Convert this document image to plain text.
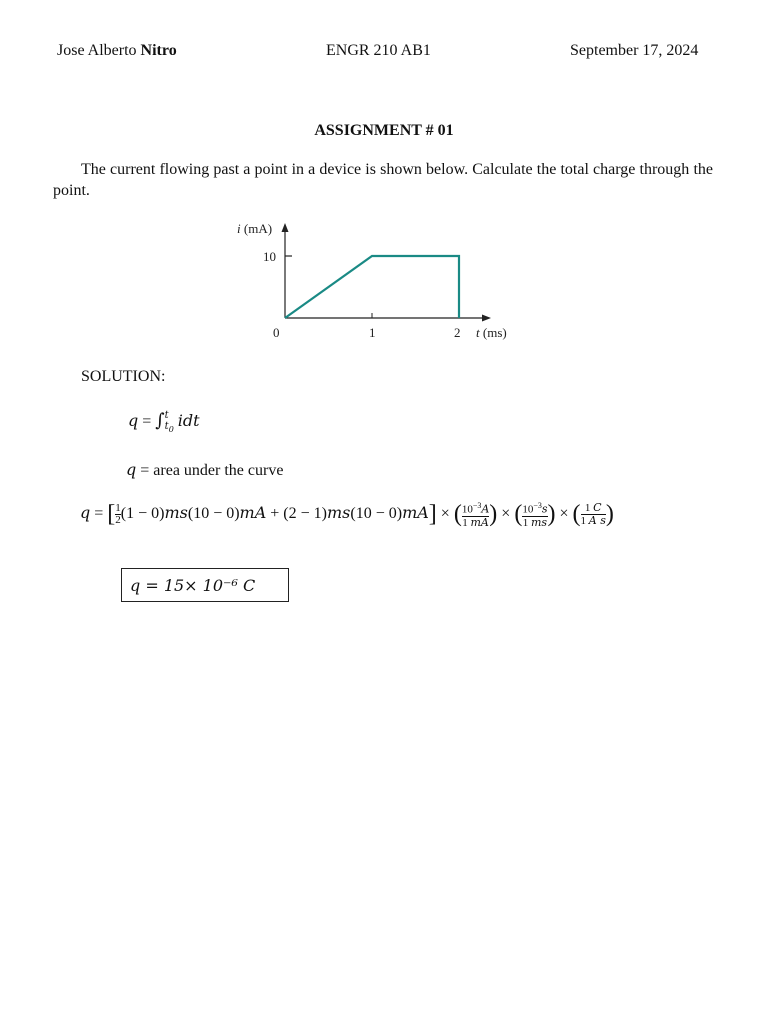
Jose Alberto Nitro	ENGR 210 AB1	September 17, 2024
ASSIGNMENT # 01
The current flowing past a point in a device is shown below. Calculate the total charge through the point.
i (mA)
10
0	1	2 t (ms)
SOLUTION:
q = ∫ t
$t_0$ idt
q = area under the curve
q = [ $\frac{1}{2} (1 - 0)ms(10 - 0)mA + (2 - 1)ms(10 - 0)mA$] × ( $\frac{10^{-3}A}{1 mA}$ ) × ( $\frac{10^{-3}s}{1 ms}$ ) × ( $\frac{1 C}{\text{1 A s}}$ )
q = 15× 10⁻⁶ C
